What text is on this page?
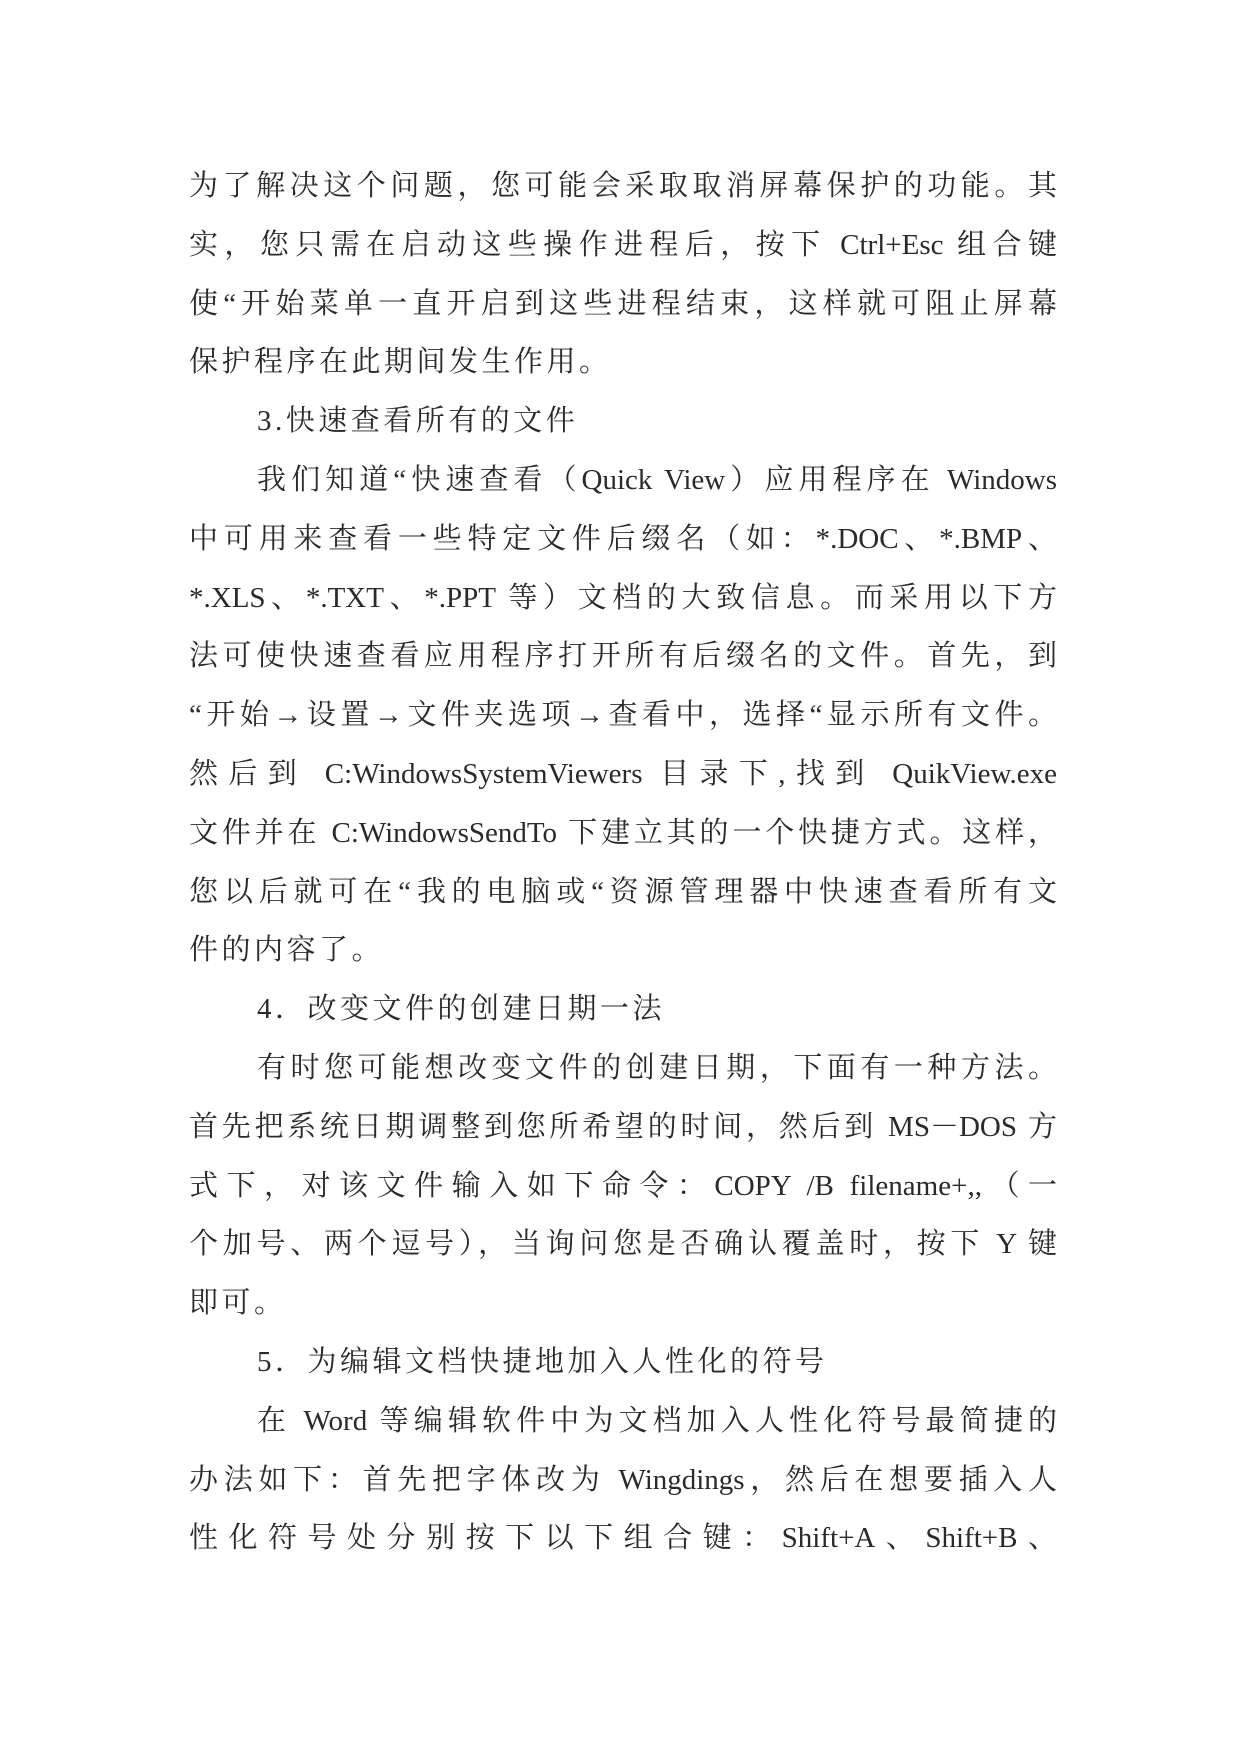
为了解决这个问题，您可能会采取取消屏幕保护的功能。其
实，您只需在启动这些操作进程后，按下 Ctrl+Esc 组合键
使“开始菜单一直开启到这些进程结束，这样就可阻止屏幕
保护程序在此期间发生作用。
3.快速查看所有的文件
我们知道“快速查看（Quick View）应用程序在 Windows
中可用来查看一些特定文件后缀名（如：*.DOC、*.BMP、
*.XLS、*.TXT、*.PPT 等）文档的大致信息。而采用以下方
法可使快速查看应用程序打开所有后缀名的文件。首先，到
“开始→设置→文件夹选项→查看中，选择“显示所有文件。
然后到 C:WindowsSystemViewers 目录下,找到 QuikView.exe
文件并在 C:WindowsSendTo 下建立其的一个快捷方式。这样，
您以后就可在“我的电脑或“资源管理器中快速查看所有文
件的内容了。
4．改变文件的创建日期一法
有时您可能想改变文件的创建日期，下面有一种方法。
首先把系统日期调整到您所希望的时间，然后到 MS－DOS 方
式下，对该文件输入如下命令：COPY /B filename+,,（一
个加号、两个逗号），当询问您是否确认覆盖时，按下 Y 键
即可。
5．为编辑文档快捷地加入人性化的符号
在 Word 等编辑软件中为文档加入人性化符号最简捷的
办法如下：首先把字体改为 Wingdings，然后在想要插入人
性化符号处分别按下以下组合键：Shift+A、Shift+B、
